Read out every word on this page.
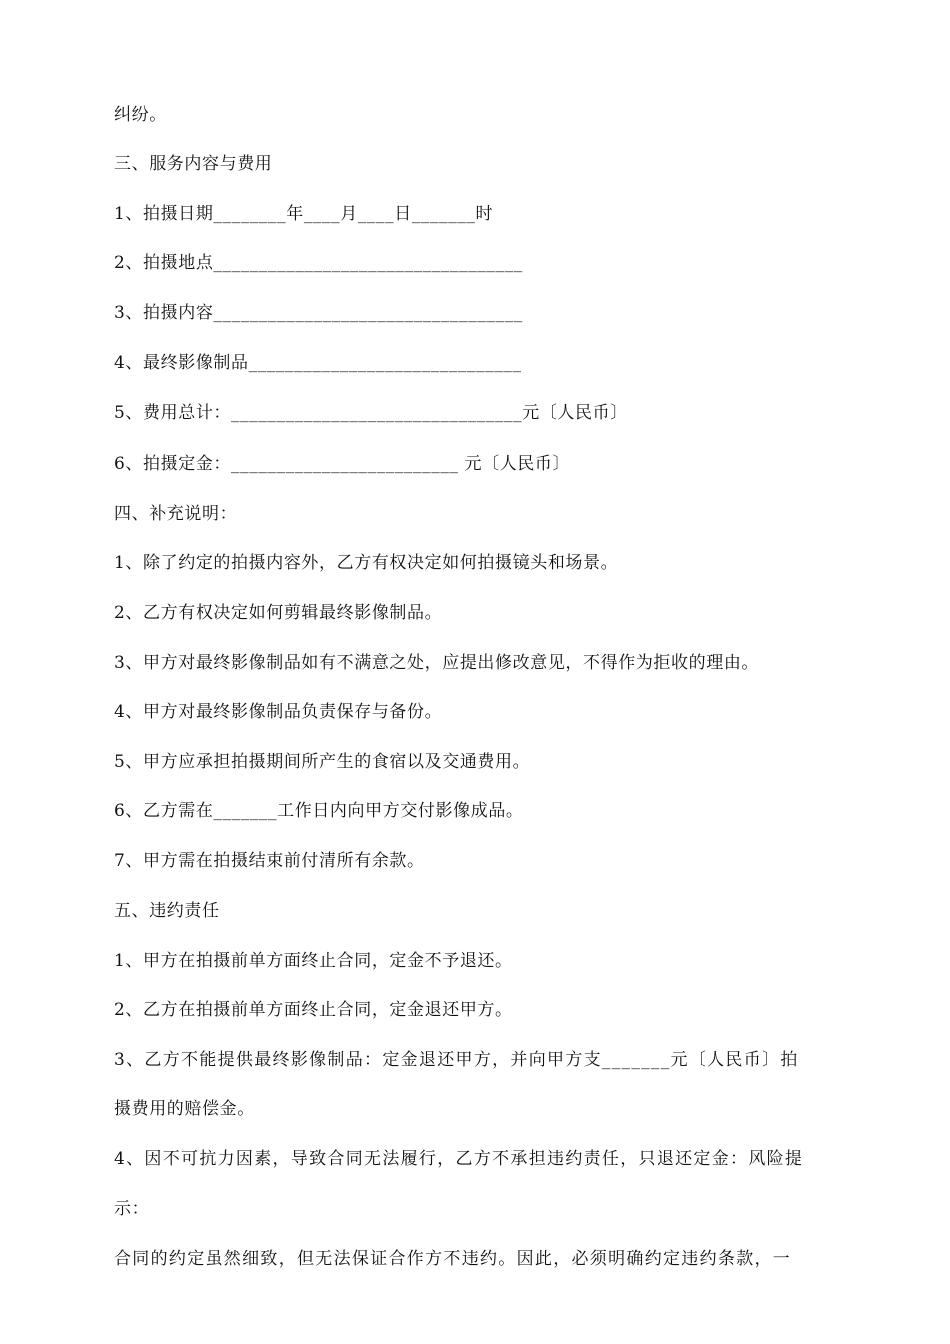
纠纷。
三、服务内容与费用
1、拍摄日期________年____月____日_______时
2、拍摄地点__________________________________
3、拍摄内容__________________________________
4、最终影像制品______________________________
5、费用总计：________________________________元〔人民币〕
6、拍摄定金：_________________________ 元〔人民币〕
四、补充说明：
1、除了约定的拍摄内容外，乙方有权决定如何拍摄镜头和场景。
2、乙方有权决定如何剪辑最终影像制品。
3、甲方对最终影像制品如有不满意之处，应提出修改意见，不得作为拒收的理由。
4、甲方对最终影像制品负责保存与备份。
5、甲方应承担拍摄期间所产生的食宿以及交通费用。
6、乙方需在_______工作日内向甲方交付影像成品。
7、甲方需在拍摄结束前付清所有余款。
五、违约责任
1、甲方在拍摄前单方面终止合同，定金不予退还。
2、乙方在拍摄前单方面终止合同，定金退还甲方。
3、乙方不能提供最终影像制品：定金退还甲方，并向甲方支_______元〔人民币〕拍
摄费用的赔偿金。
4、因不可抗力因素，导致合同无法履行，乙方不承担违约责任，只退还定金：风险提
示：
合同的约定虽然细致，但无法保证合作方不违约。因此，必须明确约定违约条款，一
